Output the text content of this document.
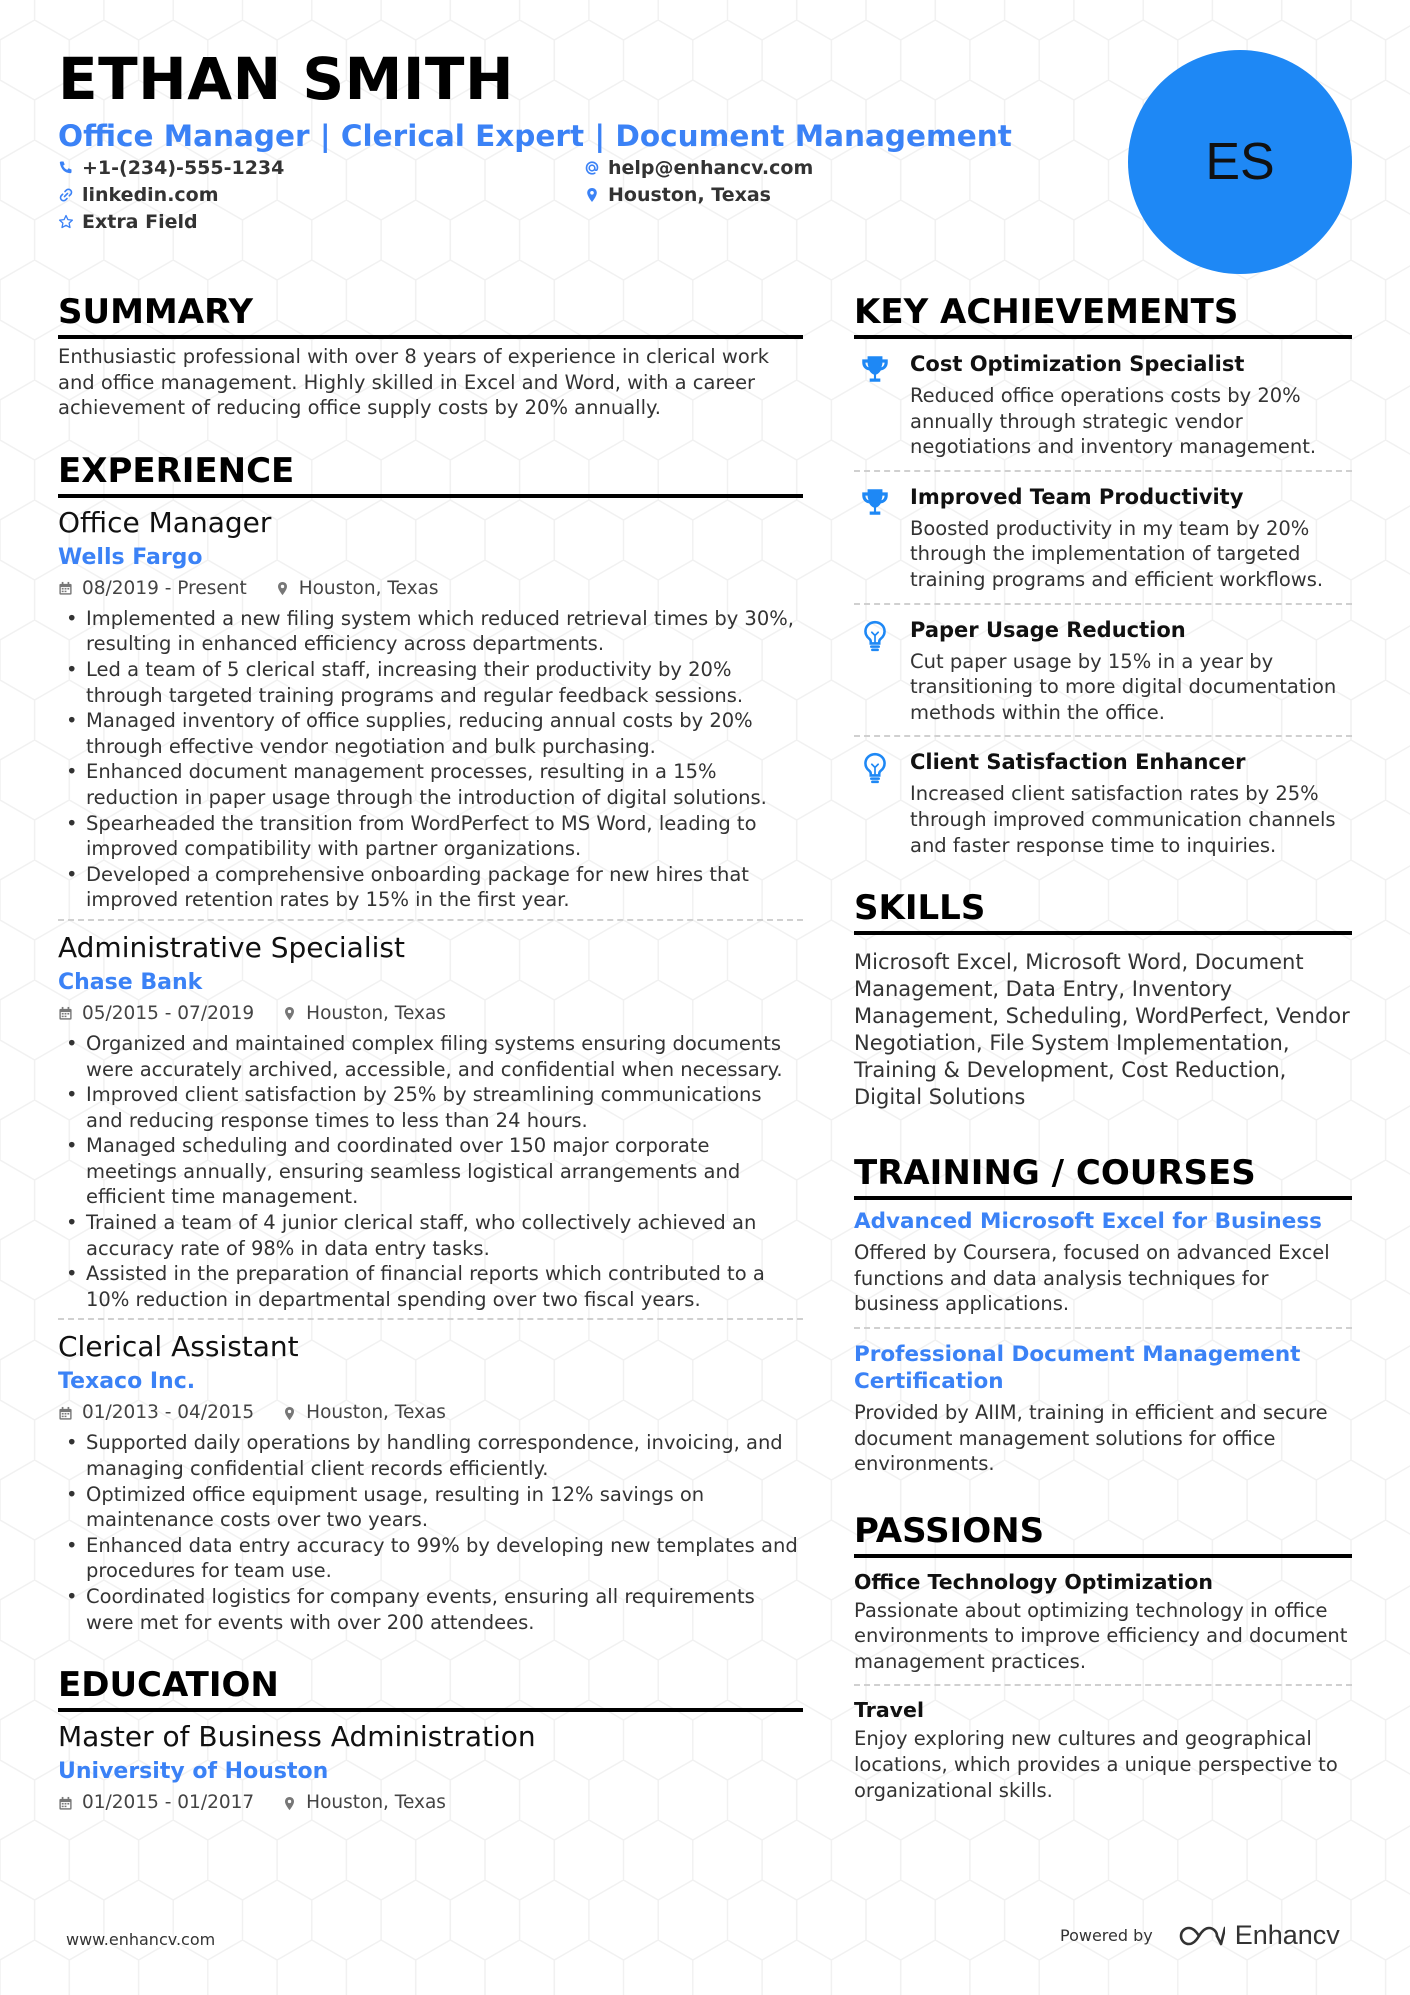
ETHAN SMITH
Office Manager | Clerical Expert | Document Management
+1-(234)-555-1234	help@enhancv.com
linkedin.com	Houston, Texas
Extra Field
ES
SUMMARY
Enthusiastic professional with over 8 years of experience in clerical work and office management. Highly skilled in Excel and Word, with a career achievement of reducing office supply costs by 20% annually.
EXPERIENCE
Office Manager
Wells Fargo
08/2019 - Present	Houston, Texas
• Implemented a new filing system which reduced retrieval times by 30%, resulting in enhanced efficiency across departments.
• Led a team of 5 clerical staff, increasing their productivity by 20% through targeted training programs and regular feedback sessions.
• Managed inventory of office supplies, reducing annual costs by 20% through effective vendor negotiation and bulk purchasing.
• Enhanced document management processes, resulting in a 15% reduction in paper usage through the introduction of digital solutions.
• Spearheaded the transition from WordPerfect to MS Word, leading to improved compatibility with partner organizations.
• Developed a comprehensive onboarding package for new hires that improved retention rates by 15% in the first year.
Administrative Specialist
Chase Bank
05/2015 - 07/2019	Houston, Texas
• Organized and maintained complex filing systems ensuring documents were accurately archived, accessible, and confidential when necessary.
• Improved client satisfaction by 25% by streamlining communications and reducing response times to less than 24 hours.
• Managed scheduling and coordinated over 150 major corporate meetings annually, ensuring seamless logistical arrangements and efficient time management.
• Trained a team of 4 junior clerical staff, who collectively achieved an accuracy rate of 98% in data entry tasks.
• Assisted in the preparation of financial reports which contributed to a 10% reduction in departmental spending over two fiscal years.
Clerical Assistant
Texaco Inc.
01/2013 - 04/2015	Houston, Texas
• Supported daily operations by handling correspondence, invoicing, and managing confidential client records efficiently.
• Optimized office equipment usage, resulting in 12% savings on maintenance costs over two years.
• Enhanced data entry accuracy to 99% by developing new templates and procedures for team use.
• Coordinated logistics for company events, ensuring all requirements were met for events with over 200 attendees.
EDUCATION
Master of Business Administration
University of Houston
01/2015 - 01/2017	Houston, Texas
KEY ACHIEVEMENTS
Cost Optimization Specialist
Reduced office operations costs by 20% annually through strategic vendor negotiations and inventory management.
Improved Team Productivity
Boosted productivity in my team by 20% through the implementation of targeted training programs and efficient workflows.
Paper Usage Reduction
Cut paper usage by 15% in a year by transitioning to more digital documentation methods within the office.
Client Satisfaction Enhancer
Increased client satisfaction rates by 25% through improved communication channels and faster response time to inquiries.
SKILLS
Microsoft Excel, Microsoft Word, Document Management, Data Entry, Inventory Management, Scheduling, WordPerfect, Vendor Negotiation, File System Implementation, Training & Development, Cost Reduction, Digital Solutions
TRAINING / COURSES
Advanced Microsoft Excel for Business
Offered by Coursera, focused on advanced Excel functions and data analysis techniques for business applications.
Professional Document Management Certification
Provided by AIIM, training in efficient and secure document management solutions for office environments.
PASSIONS
Office Technology Optimization
Passionate about optimizing technology in office environments to improve efficiency and document management practices.
Travel
Enjoy exploring new cultures and geographical locations, which provides a unique perspective to organizational skills.
www.enhancv.com	Powered by	Enhancv
